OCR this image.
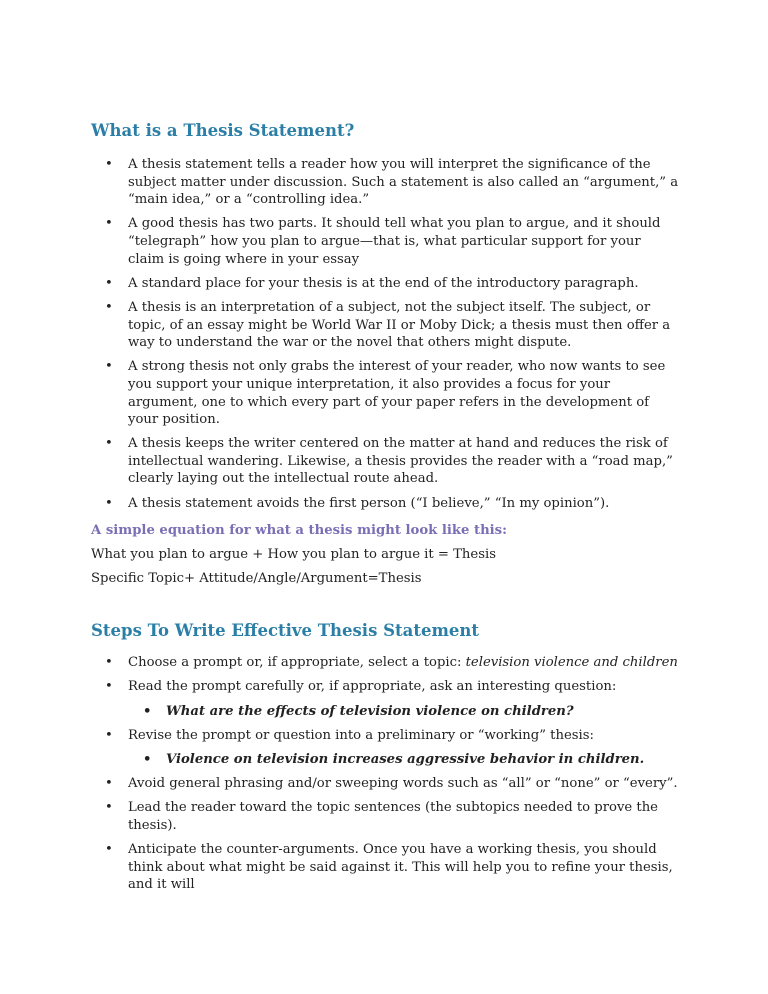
What is a Thesis Statement?
• A thesis statement tells a reader how you will interpret the significance of the subject matter under discussion. Such a statement is also called an “argument,” a “main idea,” or a “controlling idea.”
• A good thesis has two parts. It should tell what you plan to argue, and it should “telegraph” how you plan to argue—that is, what particular support for your claim is going where in your essay
• A standard place for your thesis is at the end of the introductory paragraph.
• A thesis is an interpretation of a subject, not the subject itself. The subject, or topic, of an essay might be World War II or Moby Dick; a thesis must then offer a way to understand the war or the novel that others might dispute.
• A strong thesis not only grabs the interest of your reader, who now wants to see you support your unique interpretation, it also provides a focus for your argument, one to which every part of your paper refers in the development of your position.
• A thesis keeps the writer centered on the matter at hand and reduces the risk of intellectual wandering. Likewise, a thesis provides the reader with a “road map,” clearly laying out the intellectual route ahead.
• A thesis statement avoids the first person (“I believe,” “In my opinion”).
A simple equation for what a thesis might look like this:
What you plan to argue + How you plan to argue it = Thesis
Specific Topic+ Attitude/Angle/Argument=Thesis
Steps To Write Effective Thesis Statement
• Choose a prompt or, if appropriate, select a topic: television violence and children
• Read the prompt carefully or, if appropriate, ask an interesting question:
• What are the effects of television violence on children?
• Revise the prompt or question into a preliminary or “working” thesis:
• Violence on television increases aggressive behavior in children.
• Avoid general phrasing and/or sweeping words such as “all” or “none” or “every”.
• Lead the reader toward the topic sentences (the subtopics needed to prove the thesis).
• Anticipate the counter-arguments. Once you have a working thesis, you should think about what might be said against it. This will help you to refine your thesis, and it will
